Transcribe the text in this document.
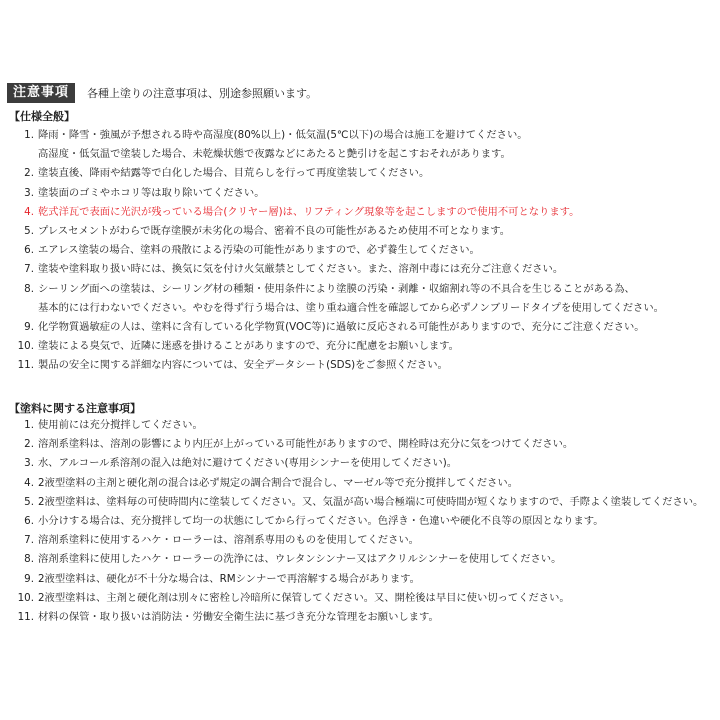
注意事項	各種上塗りの注意事項は、別途参照願います。
【仕様全般】
1. 降雨・降雪・強風が予想される時や高湿度(80%以上)・低気温(5℃以下)の場合は施工を避けてください。
高湿度・低気温で塗装した場合、未乾燥状態で夜露などにあたると艶引けを起こすおそれがあります。
2. 塗装直後、降雨や結露等で白化した場合、目荒らしを行って再度塗装してください。
3. 塗装面のゴミやホコリ等は取り除いてください。
4. 乾式洋瓦で表面に光沢が残っている場合(クリヤー層)は、リフティング現象等を起こしますので使用不可となります。
5. プレスセメントがわらで既存塗膜が未劣化の場合、密着不良の可能性があるため使用不可となります。
6. エアレス塗装の場合、塗料の飛散による汚染の可能性がありますので、必ず養生してください。
7. 塗装や塗料取り扱い時には、換気に気を付け火気厳禁としてください。また、溶剤中毒には充分ご注意ください。
8. シーリング面への塗装は、シーリング材の種類・使用条件により塗膜の汚染・剥離・収縮割れ等の不具合を生じることがある為、
基本的には行わないでください。やむを得ず行う場合は、塗り重ね適合性を確認してから必ずノンブリードタイプを使用してください。
9. 化学物質過敏症の人は、塗料に含有している化学物質(VOC等)に過敏に反応される可能性がありますので、充分にご注意ください。
10. 塗装による臭気で、近隣に迷惑を掛けることがありますので、充分に配慮をお願いします。
11. 製品の安全に関する詳細な内容については、安全データシート(SDS)をご参照ください。
【塗料に関する注意事項】
1. 使用前には充分撹拌してください。
2. 溶剤系塗料は、溶剤の影響により内圧が上がっている可能性がありますので、開栓時は充分に気をつけてください。
3. 水、アルコール系溶剤の混入は絶対に避けてください(専用シンナーを使用してください)。
4. 2液型塗料の主剤と硬化剤の混合は必ず規定の調合割合で混合し、マーゼル等で充分撹拌してください。
5. 2液型塗料は、塗料毎の可使時間内に塗装してください。又、気温が高い場合極端に可使時間が短くなりますので、手際よく塗装してください。
6. 小分けする場合は、充分撹拌して均一の状態にしてから行ってください。色浮き・色違いや硬化不良等の原因となります。
7. 溶剤系塗料に使用するハケ・ローラーは、溶剤系専用のものを使用してください。
8. 溶剤系塗料に使用したハケ・ローラーの洗浄には、ウレタンシンナー又はアクリルシンナーを使用してください。
9. 2液型塗料は、硬化が不十分な場合は、RMシンナーで再溶解する場合があります。
10. 2液型塗料は、主剤と硬化剤は別々に密栓し冷暗所に保管してください。又、開栓後は早目に使い切ってください。
11. 材料の保管・取り扱いは消防法・労働安全衛生法に基づき充分な管理をお願いします。
